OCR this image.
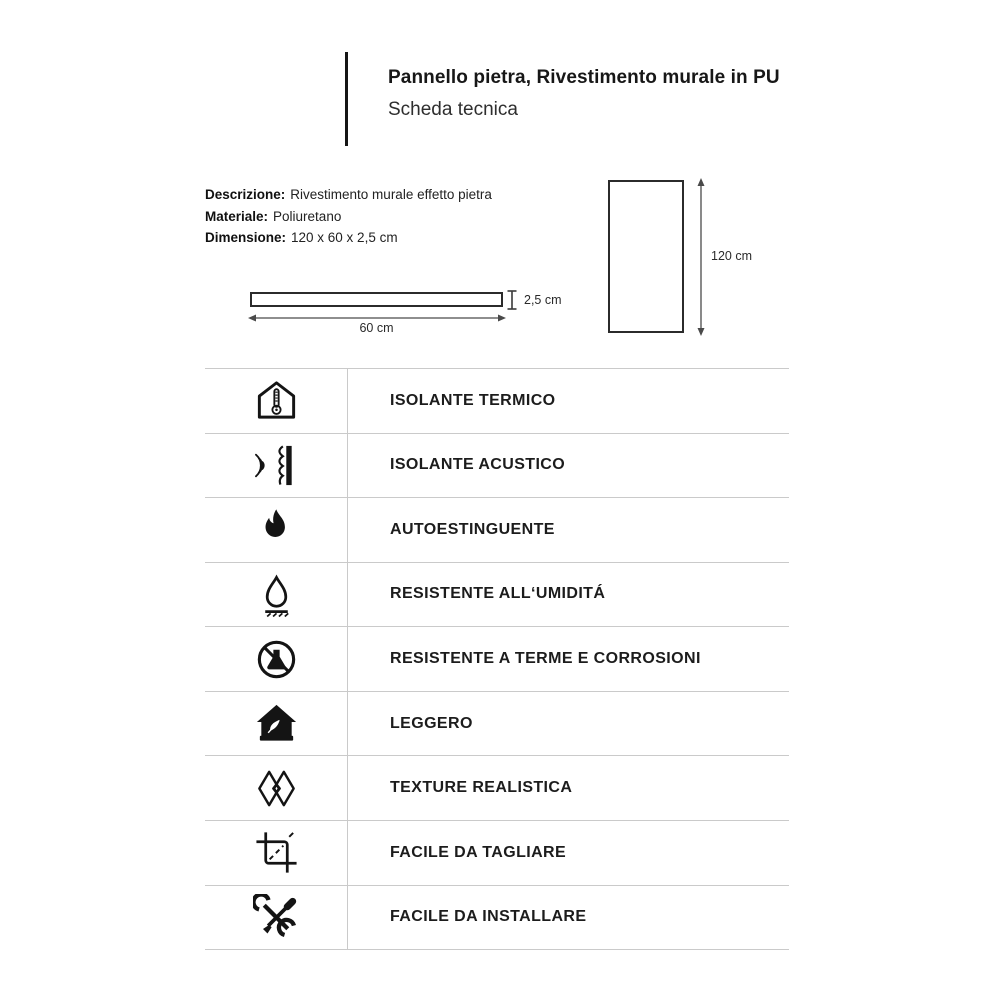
Pannello pietra, Rivestimento murale in PU
Scheda tecnica
Descrizione: Rivestimento murale effetto pietra
Materiale: Poliuretano
Dimensione: 120 x 60 x 2,5 cm
2,5 cm
60 cm
120 cm
ISOLANTE TERMICO
ISOLANTE ACUSTICO
AUTOESTINGUENTE
RESISTENTE ALL‘UMIDITÁ
RESISTENTE A TERME E CORROSIONI
LEGGERO
TEXTURE REALISTICA
FACILE DA TAGLIARE
FACILE DA INSTALLARE
